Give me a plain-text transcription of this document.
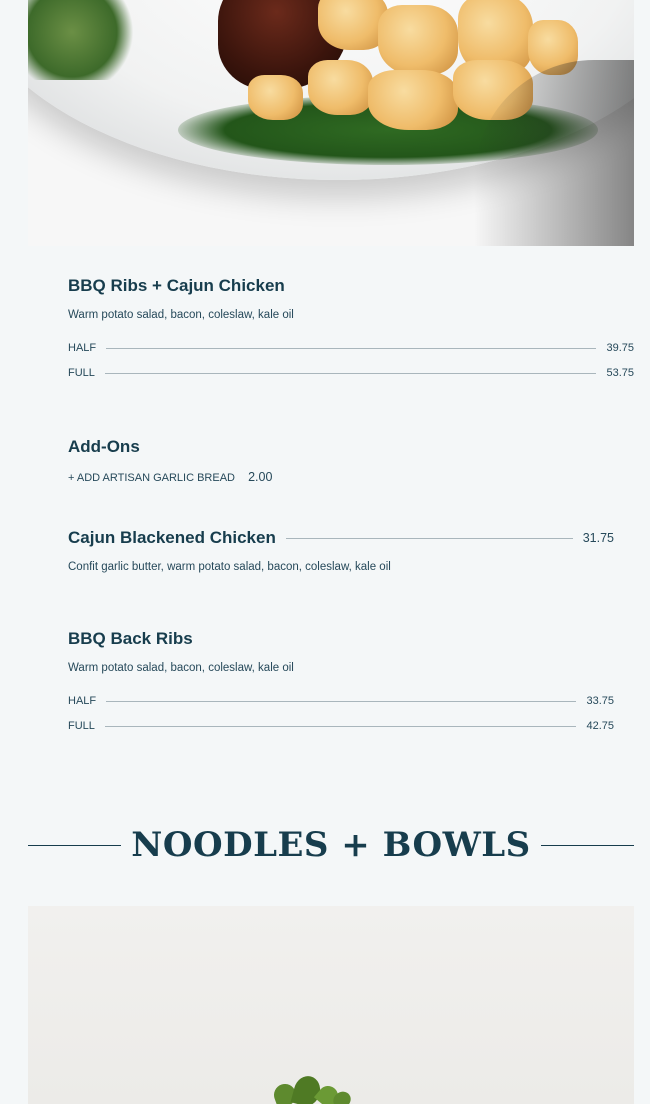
BBQ Ribs + Cajun Chicken

Warm potato salad, bacon, coleslaw, kale oil

HALF	39.75
FULL	53.75
Add-Ons
+ ADD ARTISAN GARLIC BREAD 2.00
Cajun Blackened Chicken	31.75

Confit garlic butter, warm potato salad, bacon, coleslaw, kale oil

BBQ Back Ribs

Warm potato salad, bacon, coleslaw, kale oil

HALF	33.75
FULL	42.75
NOODLES + BOWLS
